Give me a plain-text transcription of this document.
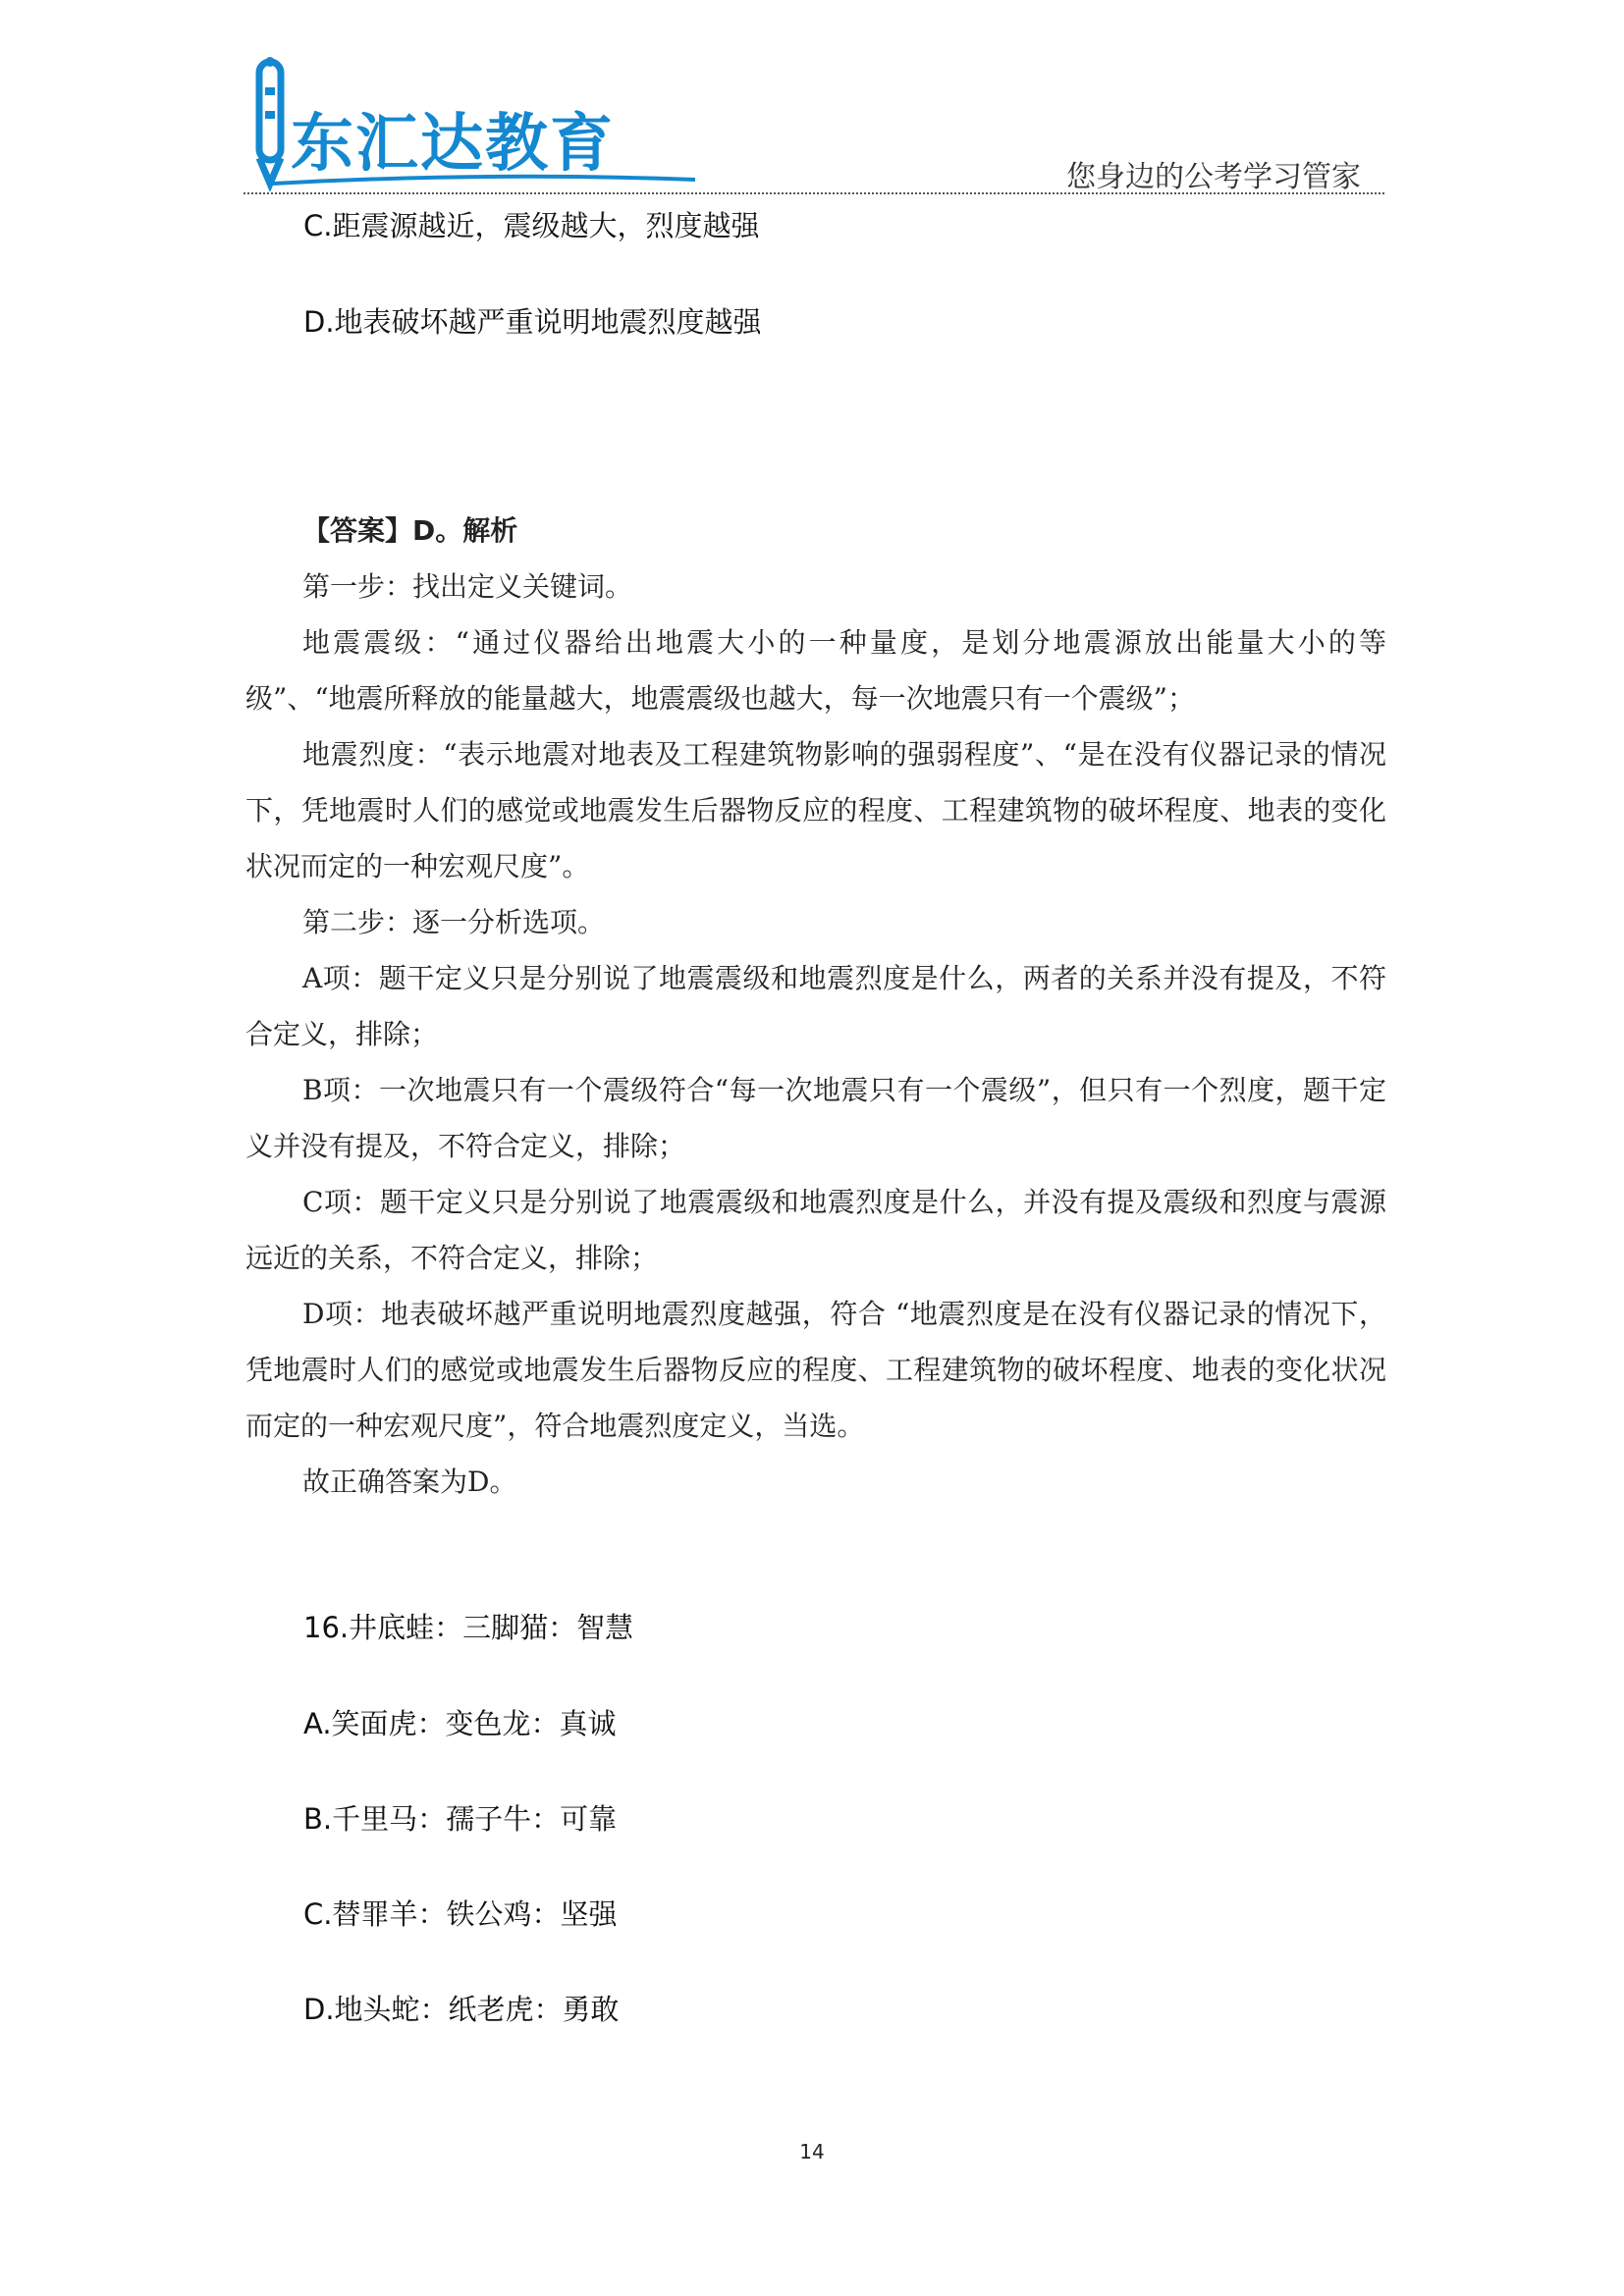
东汇达教育	您身边的公考学习管家
C.距震源越近，震级越大，烈度越强
D.地表破坏越严重说明地震烈度越强

【答案】D。解析

第一步：找出定义关键词。

地震震级：“通过仪器给出地震大小的一种量度，是划分地震源放出能量大小的等级”、“地震所释放的能量越大，地震震级也越大，每一次地震只有一个震级”；

地震烈度：“表示地震对地表及工程建筑物影响的强弱程度”、“是在没有仪器记录的情况下，凭地震时人们的感觉或地震发生后器物反应的程度、工程建筑物的破坏程度、地表的变化状况而定的一种宏观尺度”。

第二步：逐一分析选项。

A项：题干定义只是分别说了地震震级和地震烈度是什么，两者的关系并没有提及，不符合定义，排除；

B项：一次地震只有一个震级符合“每一次地震只有一个震级”，但只有一个烈度，题干定义并没有提及，不符合定义，排除；

C项：题干定义只是分别说了地震震级和地震烈度是什么，并没有提及震级和烈度与震源远近的关系，不符合定义，排除；

D项：地表破坏越严重说明地震烈度越强，符合 “地震烈度是在没有仪器记录的情况下，凭地震时人们的感觉或地震发生后器物反应的程度、工程建筑物的破坏程度、地表的变化状况而定的一种宏观尺度”，符合地震烈度定义，当选。

故正确答案为D。

16.井底蛙：三脚猫：智慧
A.笑面虎：变色龙：真诚
B.千里马：孺子牛：可靠
C.替罪羊：铁公鸡：坚强
D.地头蛇：纸老虎：勇敢
14
